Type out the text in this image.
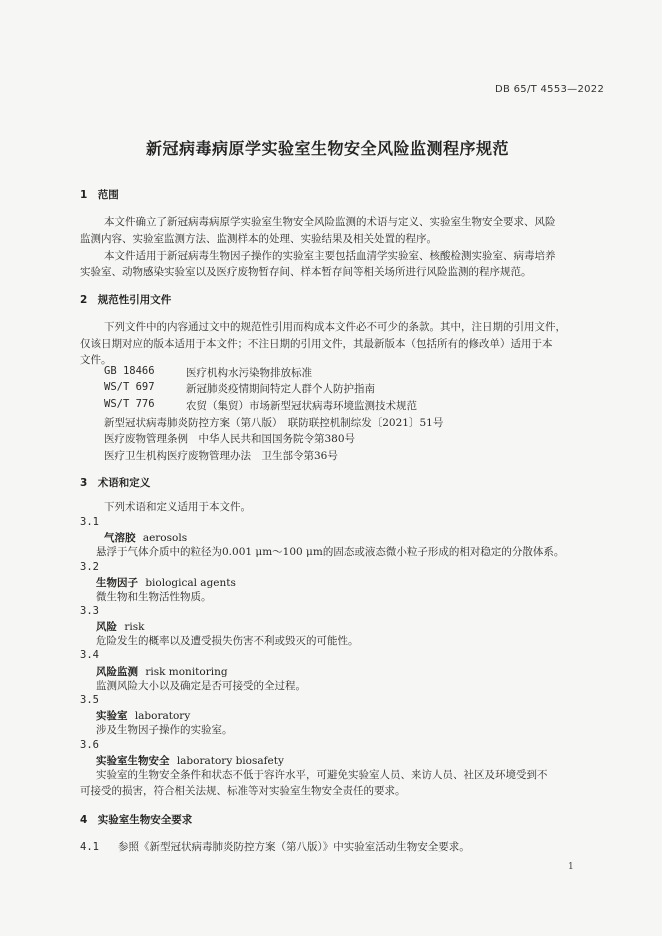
DB 65/T 4553—2022
新冠病毒病原学实验室生物安全风险监测程序规范
1　范围
本文件确立了新冠病毒病原学实验室生物安全风险监测的术语与定义、实验室生物安全要求、风险
监测内容、实验室监测方法、监测样本的处理、实验结果及相关处置的程序。
本文件适用于新冠病毒生物因子操作的实验室主要包括血清学实验室、核酸检测实验室、病毒培养
实验室、动物感染实验室以及医疗废物暂存间、样本暂存间等相关场所进行风险监测的程序规范。
2　规范性引用文件
下列文件中的内容通过文中的规范性引用而构成本文件必不可少的条款。其中，注日期的引用文件，
仅该日期对应的版本适用于本文件；不注日期的引用文件，其最新版本（包括所有的修改单）适用于本
文件。
GB 18466	医疗机构水污染物排放标准
WS/T 697	新冠肺炎疫情期间特定人群个人防护指南
WS/T 776	农贸（集贸）市场新型冠状病毒环境监测技术规范
新型冠状病毒肺炎防控方案（第八版）　联防联控机制综发〔2021〕51号
医疗废物管理条例　中华人民共和国国务院令第380号
医疗卫生机构医疗废物管理办法　卫生部令第36号
3　术语和定义
下列术语和定义适用于本文件。
3.1
气溶胶 aerosols
悬浮于气体介质中的粒径为0.001 μm～100 μm的固态或液态微小粒子形成的相对稳定的分散体系。
3.2
生物因子 biological agents
微生物和生物活性物质。
3.3
风险 risk
危险发生的概率以及遭受损失伤害不利或毁灭的可能性。
3.4
风险监测 risk monitoring
监测风险大小以及确定是否可接受的全过程。
3.5
实验室 laboratory
涉及生物因子操作的实验室。
3.6
实验室生物安全 laboratory biosafety
实验室的生物安全条件和状态不低于容许水平，可避免实验室人员、来访人员、社区及环境受到不
可接受的损害，符合相关法规、标准等对实验室生物安全责任的要求。
4　实验室生物安全要求
4.1 参照《新型冠状病毒肺炎防控方案（第八版）》中实验室活动生物安全要求。
1
